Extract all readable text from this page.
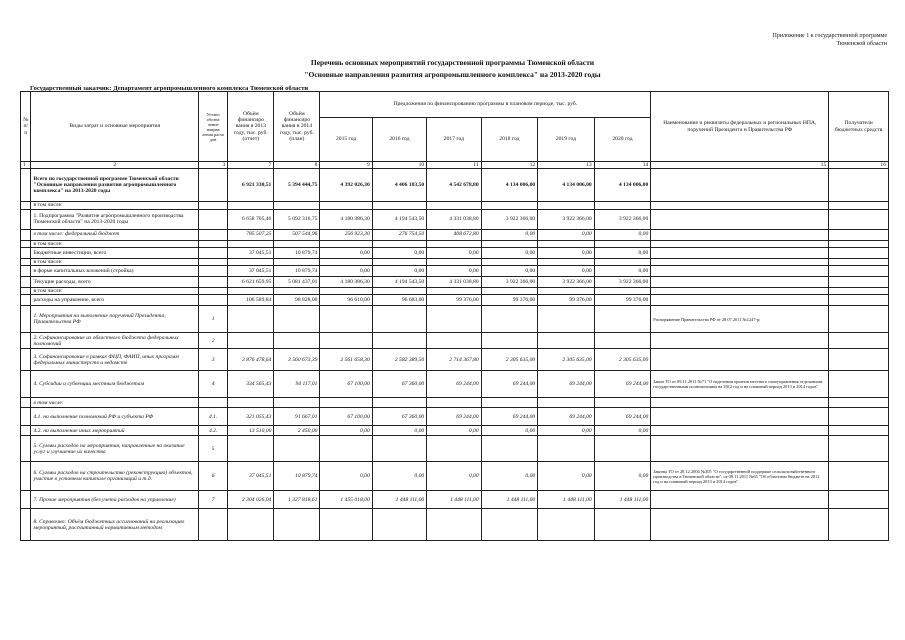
Приложение 1 к государственной программе
Тюменской области
Перечень основных мероприятий государственной программы Тюменской области
"Основные направления развития агропромышленного комплекса" на 2013-2020 годы
Государственный заказчик: Департамент агропромышленного комплекса Тюменской области
№ п/п	Виды затрат и основные мероприятия	Устано обозна чение направ ления расхо дов	Объём финансиро вания в 2013 году, тыс. руб. (отчет)	Объём финансиро вания в 2014 году, тыс. руб. (план)	Предложения по финансированию программы в плановом периоде, тыс. руб.						Наименование и реквизиты федеральных и региональных НПА, поручений Президента и Правительства РФ	Получатели бюджетных средств
					2015 год	2016 год	2017 год	2018 год	2019 год	2020 год		
1	2	3	7	8	9	10	11	12	13	14	15	16
	Всего по государственной программе Тюменской области "Основные направления развития агропромышленного комплекса" на 2013-2020 годы		6 921 330,51	5 394 444,75	4 392 026,30	4 406 183,50	4 542 678,80	4 134 006,00	4 134 006,00	4 134 006,00		
	в том числе:											
	1. Подпрограмма "Развитие агропромышленного производства Тюменской области" на 2013-2020 годы		6 658 705,46	5 092 316,75	4 180 386,30	4 194 543,50	4 331 038,80	3 922 366,00	3 922 366,00	3 922 366,00		
	в том числе: федеральный бюджет		785 507,25	507 544,96	256 923,30	276 754,50	408 672,80	0,00	0,00	0,00		
	в том числе:											
	Бюджетные инвестиции, всего		37 045,51	10 879,74	0,00	0,00	0,00	0,00	0,00	0,00		
	в том числе:											
	в форме капитальных вложений (стройка)		37 045,51	10 879,74	0,00	0,00	0,00	0,00	0,00	0,00		
	Текущие расходы, всего		6 621 659,95	5 081 437,01	4 180 386,30	4 194 543,50	4 331 038,80	3 922 366,00	3 922 366,00	3 922 366,00		
	в том числе:											
	расходы на управление, всего		106 589,84	98 828,00	96 610,00	96 683,00	99 376,00	99 376,00	99 376,00	99 376,00		
	1. Мероприятия на выполнение поручений Президента, Правительства РФ	1									Распоряжение Правительства РФ от 28.07.2011 №1247-р;	
	2. Софинансирование из областного бюджета федеральных полномочий	2										
	3. Софинансирование в рамках ФЦП, ФАИП, иных программ федеральных министерств и ведомств	3	3 876 478,64	3 560 673,39	2 561 658,30	2 582 389,50	2 714 367,80	2 305 635,00	2 305 635,00	2 305 635,00		
	4. Субсидии и субвенции местным бюджетам	4	334 565,43	94 117,01	67 100,00	67 360,00	69 244,00	69 244,00	69 244,00	69 244,00	Закон ТО от 09.11.2011 №71 "О наделении органов местного самоуправления отдельными государственными полномочиями на 2012 год и на плановый период 2013 и 2014 годов"	
	в том числе:											
	4.1. на выполнение полномочий РФ и субъекта РФ	4.1.	321 055,43	91 667,01	67 100,00	67 360,00	69 244,00	69 244,00	69 244,00	69 244,00		
	4.2. на выполнение иных мероприятий	4.2.	13 510,00	2 450,00	0,00	0,00	0,00	0,00	0,00	0,00		
	5. Суммы расходов на мероприятия, направленные на оказание услуг и улучшение их качества	5										
	6. Суммы расходов на строительство (реконструкцию) объектов, участие в уставном капитале организаций и т.д.	6	37 045,51	10 879,74	0,00	0,00	0,00	0,00	0,00	0,00	Законы ТО от 28.12.2004 №305 "О государственной поддержке сельскохозяйственного производства в Тюменской области", от 09.11.2011 №65 "Об областном бюджете на 2012 год и на плановый период 2013 и 2014 годов"	
	7. Прочие мероприятия (без учета расходов на управление)	7	2 304 026,04	1 327 818,61	1 455 018,00	1 448 111,00	1 448 111,00	1 448 111,00	1 448 111,00	1 448 111,00		
	8. Справочно: Объём бюджетных ассигнований на реализацию мероприятий, рассчитанный нормативным методом											
